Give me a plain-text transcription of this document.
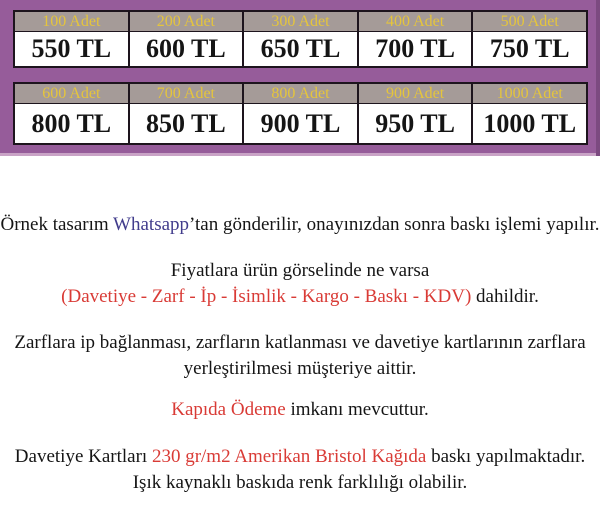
100 Adet	200 Adet	300 Adet	400 Adet	500 Adet
550 TL	600 TL	650 TL	700 TL	750 TL
600 Adet	700 Adet	800 Adet	900 Adet	1000 Adet
800 TL	850 TL	900 TL	950 TL	1000 TL
Örnek tasarım Whatsapp’tan gönderilir, onayınızdan sonra baskı işlemi yapılır.
Fiyatlara ürün görselinde ne varsa
(Davetiye - Zarf - İp - İsimlik - Kargo - Baskı - KDV) dahildir.
Zarflara ip bağlanması, zarfların katlanması ve davetiye kartlarının zarflara
yerleştirilmesi müşteriye aittir.
Kapıda Ödeme imkanı mevcuttur.
Davetiye Kartları 230 gr/m2 Amerikan Bristol Kağıda baskı yapılmaktadır.
Işık kaynaklı baskıda renk farklılığı olabilir.
